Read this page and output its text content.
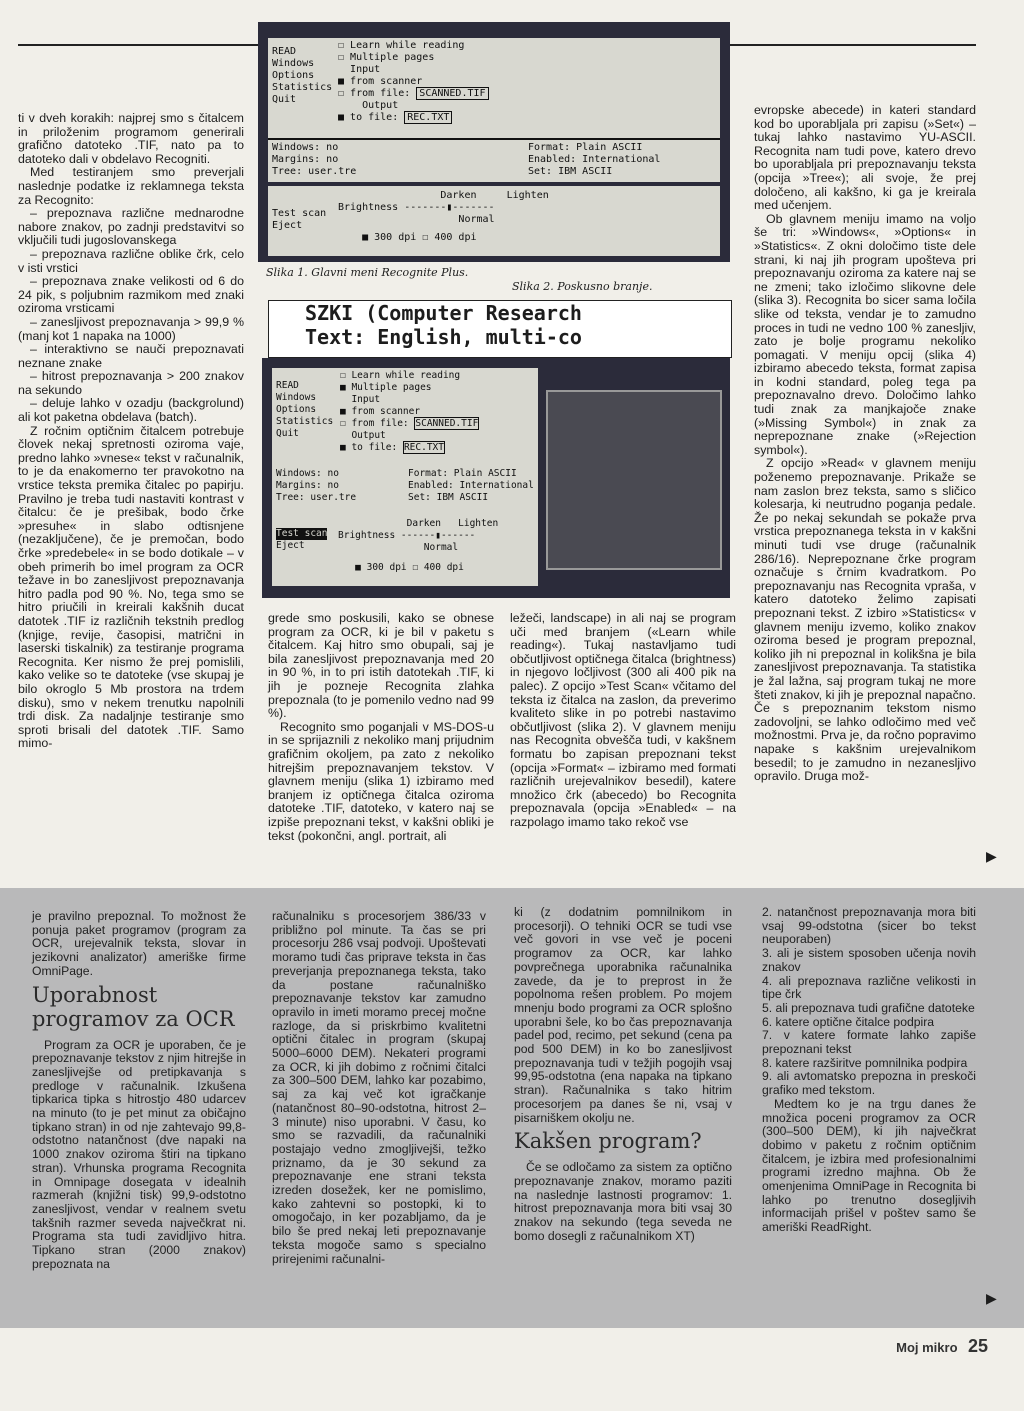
ti v dveh korakih: najprej smo s čitalcem in priloženim programom generirali grafično datoteko .TIF, nato pa to datoteko dali v obdelavo Recogniti.

Med testiranjem smo preverjali naslednje podatke iz reklamnega teksta za Recognito:

– prepoznava različne mednarodne nabore znakov, po zadnji predstavitvi so vključili tudi jugoslovanskega

– prepoznava različne oblike črk, celo v isti vrstici

– prepoznava znake velikosti od 6 do 24 pik, s poljubnim razmikom med znaki oziroma vrsticami

– zanesljivost prepoznavanja > 99,9 % (manj kot 1 napaka na 1000)

– interaktivno se nauči prepoznavati neznane znake

– hitrost prepoznavanja > 200 znakov na sekundo

– deluje lahko v ozadju (backgrolund) ali kot paketna obdelava (batch).

Z ročnim optičnim čitalcem potrebuje človek nekaj spretnosti oziroma vaje, predno lahko »vnese« tekst v računalnik, to je da enakomerno ter pravokotno na vrstice teksta premika čitalec po papirju. Pravilno je treba tudi nastaviti kontrast v čitalcu: če je prešibak, bodo črke »presuhe« in slabo odtisnjene (nezaključene), če je premočan, bodo črke »predebele« in se bodo dotikale – v obeh primerih bo imel program za OCR težave in bo zanesljivost prepoznavanja hitro padla pod 90 %. No, tega smo se hitro priučili in kreirali kakšnih ducat datotek .TIF iz različnih tekstnih predlog (knjige, revije, časopisi, matrični in laserski tiskalnik) za testiranje programa Recognita. Ker nismo že prej pomislili, kako velike so te datoteke (vse skupaj je bilo okroglo 5 Mb prostora na trdem disku), smo v nekem trenutku napolnili trdi disk. Za nadaljnje testiranje smo sproti brisali del datotek .TIF. Samo mimo-

READ
Windows
Options
Statistics
Quit
☐ Learn while reading
☐ Multiple pages
Input
■ from scanner
☐ from file: SCANNED.TIF
Output
■ to file: REC.TXT
Windows: no
Margins: no
Tree: user.tre
Format: Plain ASCII
Enabled: International
Set: IBM ASCII
Test scan
Eject
Darken	Lighten
Brightness -------▮-------
Normal
■ 300 dpi ☐ 400 dpi
Slika 1. Glavni meni Recognite Plus.
Slika 2. Poskusno branje.
SZKI (Computer Research
Text: English, multi-co
READ
Windows
Options
Statistics
Quit
☐ Learn while reading
■ Multiple pages
Input
■ from scanner
☐ from file: SCANNED.TIF
Output
■ to file: REC.TXT
Windows: no
Margins: no
Tree: user.tre
Format: Plain ASCII
Enabled: International
Set: IBM ASCII
Test scan
Eject
Darken Lighten
Brightness ------▮------
Normal
■ 300 dpi ☐ 400 dpi

grede smo poskusili, kako se obnese program za OCR, ki je bil v paketu s čitalcem. Kaj hitro smo obupali, saj je bila zanesljivost prepoznavanja med 20 in 90 %, in to pri istih datotekah .TIF, ki jih je pozneje Recognita zlahka prepoznala (to je pomenilo vedno nad 99 %).

Recognito smo poganjali v MS-DOS-u in se sprijaznili z nekoliko manj prijudnim grafičnim okoljem, pa zato z nekoliko hitrejšim prepoznavanjem tekstov. V glavnem meniju (slika 1) izbiramo med branjem iz optičnega čitalca oziroma datoteke .TIF, datoteko, v katero naj se izpiše prepoznani tekst, v kakšni obliki je tekst (pokončni, angl. portrait, ali

ležeči, landscape) in ali naj se program uči med branjem («Learn while reading«). Tukaj nastavljamo tudi občutljivost optičnega čitalca (brightness) in njegovo ločljivost (300 ali 400 pik na palec). Z opcijo »Test Scan« včitamo del teksta iz čitalca na zaslon, da preverimo kvaliteto slike in po potrebi nastavimo občutljivost (slika 2). V glavnem meniju nas Recognita obvešča tudi, v kakšnem formatu bo zapisan prepoznani tekst (opcija »Format« – izbiramo med formati različnih urejevalnikov besedil), katere množico črk (abecedo) bo Recognita prepoznavala (opcija »Enabled« – na razpolago imamo tako rekoč vse

evropske abecede) in kateri standard kod bo uporabljala pri zapisu (»Set«) – tukaj lahko nastavimo YU-ASCII. Recognita nam tudi pove, katero drevo bo uporabljala pri prepoznavanju teksta (opcija »Tree«); ali svoje, že prej določeno, ali kakšno, ki ga je kreirala med učenjem.

Ob glavnem meniju imamo na voljo še tri: »Windows«, »Options« in »Statistics«. Z okni določimo tiste dele strani, ki naj jih program upošteva pri prepoznavanju oziroma za katere naj se ne zmeni; tako izločimo slikovne dele (slika 3). Recognita bo sicer sama ločila slike od teksta, vendar je to zamudno proces in tudi ne vedno 100 % zanesljiv, zato je bolje programu nekoliko pomagati. V meniju opcij (slika 4) izbiramo abecedo teksta, format zapisa in kodni standard, poleg tega pa prepoznavalno drevo. Določimo lahko tudi znak za manjkajoče znake (»Missing Symbol«) in znak za neprepoznane znake (»Rejection symbol«).

Z opcijo »Read« v glavnem meniju poženemo prepoznavanje. Prikaže se nam zaslon brez teksta, samo s sličico kolesarja, ki neutrudno poganja pedale. Že po nekaj sekundah se pokaže prva vrstica prepoznanega teksta in v kakšni minuti tudi vse druge (računalnik 286/16). Neprepoznane črke program označuje s črnim kvadratkom. Po prepoznavanju nas Recognita vpraša, v katero datoteko želimo zapisati prepoznani tekst. Z izbiro »Statistics« v glavnem meniju izvemo, koliko znakov oziroma besed je program prepoznal, koliko jih ni prepoznal in kolikšna je bila zanesljivost prepoznavanja. Ta statistika je žal lažna, saj program tukaj ne more šteti znakov, ki jih je prepoznal napačno. Če s prepoznanim tekstom nismo zadovoljni, se lahko odločimo med več možnostmi. Prva je, da ročno popravimo napake s kakšnim urejevalnikom besedil; to je zamudno in nezanesljivo opravilo. Druga mož-

▶

je pravilno prepoznal. To možnost že ponuja paket programov (program za OCR, urejevalnik teksta, slovar in jezikovni analizator) ameriške firme OmniPage.

Uporabnost programov za OCR

Program za OCR je uporaben, če je prepoznavanje tekstov z njim hitrejše in zanesljivejše od pretipkavanja s predloge v računalnik. Izkušena tipkarica tipka s hitrostjo 480 udarcev na minuto (to je pet minut za običajno tipkano stran) in od nje zahtevajo 99,8-odstotno natančnost (dve napaki na 1000 znakov oziroma štiri na tipkano stran). Vrhunska programa Recognita in Omnipage dosegata v idealnih razmerah (knjižni tisk) 99,9-odstotno zanesljivost, vendar v realnem svetu takšnih razmer seveda največkrat ni. Programa sta tudi zavidljivo hitra. Tipkano stran (2000 znakov) prepoznata na

računalniku s procesorjem 386/33 v približno pol minute. Ta čas se pri procesorju 286 vsaj podvoji. Upoštevati moramo tudi čas priprave teksta in čas preverjanja prepoznanega teksta, tako da postane računalniško prepoznavanje tekstov kar zamudno opravilo in imeti moramo precej močne razloge, da si priskrbimo kvalitetni optični čitalec in program (skupaj 5000–6000 DEM). Nekateri programi za OCR, ki jih dobimo z ročnimi čitalci za 300–500 DEM, lahko kar pozabimo, saj za kaj več kot igračkanje (natančnost 80–90-odstotna, hitrost 2–3 minute) niso uporabni. V času, ko smo se razvadili, da računalniki postajajo vedno zmogljivejši, težko priznamo, da je 30 sekund za prepoznavanje ene strani teksta izreden dosežek, ker ne pomislimo, kako zahtevni so postopki, ki to omogočajo, in ker pozabljamo, da je bilo še pred nekaj leti prepoznavanje teksta mogoče samo s specialno prirejenimi računalni-

ki (z dodatnim pomnilnikom in procesorji). O tehniki OCR se tudi vse več govori in vse več je poceni programov za OCR, kar lahko povprečnega uporabnika računalnika zavede, da je to preprost in že popolnoma rešen problem. Po mojem mnenju bodo programi za OCR splošno uporabni šele, ko bo čas prepoznavanja padel pod, recimo, pet sekund (cena pa pod 500 DEM) in ko bo zanesljivost prepoznavanja tudi v težjih pogojih vsaj 99,95-odstotna (ena napaka na tipkano stran). Računalnika s tako hitrim procesorjem pa danes še ni, vsaj v pisarniškem okolju ne.

Kakšen program?

Če se odločamo za sistem za optično prepoznavanje znakov, moramo paziti na naslednje lastnosti programov: 1. hitrost prepoznavanja mora biti vsaj 30 znakov na sekundo (tega seveda ne bomo dosegli z računalnikom XT)

2. natančnost prepoznavanja mora biti vsaj 99-odstotna (sicer bo tekst neuporaben)
3. ali je sistem sposoben učenja novih znakov
4. ali prepoznava različne velikosti in tipe črk
5. ali prepoznava tudi grafične datoteke
6. katere optične čitalce podpira
7. v katere formate lahko zapiše prepoznani tekst
8. katere razširitve pomnilnika podpira
9. ali avtomatsko prepozna in preskoči grafiko med tekstom.

Medtem ko je na trgu danes že množica poceni programov za OCR (300–500 DEM), ki jih največkrat dobimo v paketu z ročnim optičnim čitalcem, je izbira med profesionalnimi programi izredno majhna. Ob že omenjenima OmniPage in Recognita bi lahko po trenutno dosegljivih informacijah prišel v poštev samo še ameriški ReadRight.

▶
Moj mikro 25
